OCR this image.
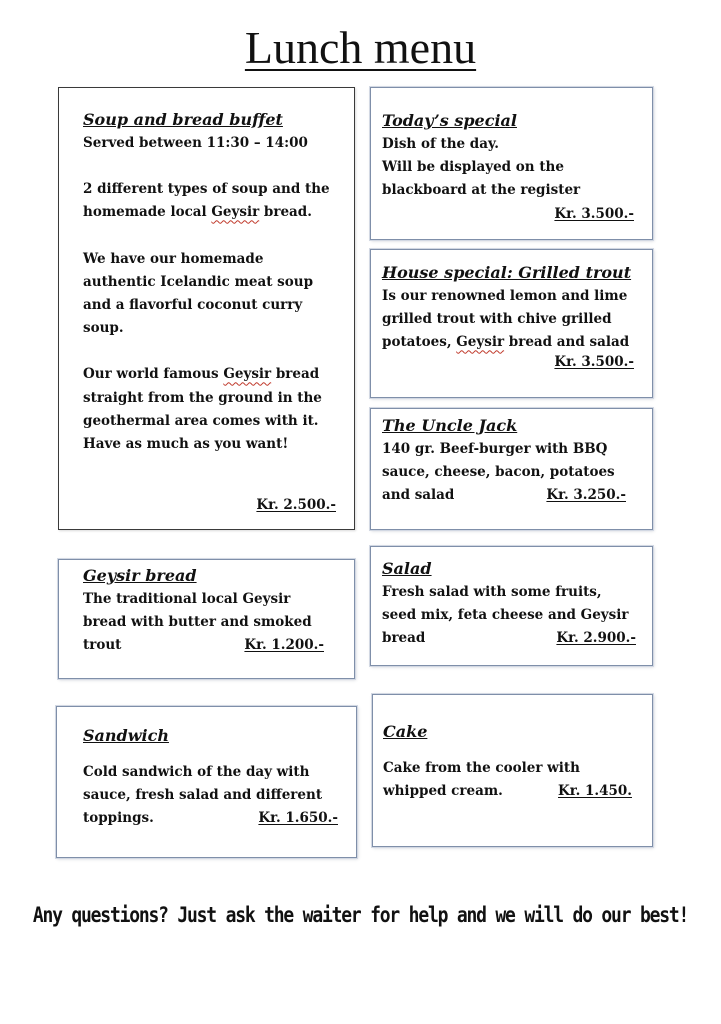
Lunch menu

Soup and bread buffet

Served between 11:30 – 14:00

2 different types of soup and the
homemade local Geysir bread.

We have our homemade authentic Icelandic meat soup and a flavorful coconut curry soup.

Our world famous Geysir bread straight from the ground in the geothermal area comes with it. Have as much as you want!

Kr. 2.500.-

Today’s special

Dish of the day.

Will be displayed on the

blackboard at the register

Kr. 3.500.-

House special: Grilled trout

Is our renowned lemon and lime

grilled trout with chive grilled

potatoes, Geysir bread and salad

Kr. 3.500.-

The Uncle Jack

140 gr. Beef-burger with BBQ

sauce, cheese, bacon, potatoes

and salad	Kr. 3.250.-

Geysir bread

The traditional local Geysir

bread with butter and smoked

trout	Kr. 1.200.-

Salad

Fresh salad with some fruits,

seed mix, feta cheese and Geysir

bread	Kr. 2.900.-

Sandwich

Cold sandwich of the day with

sauce, fresh salad and different

toppings.	Kr. 1.650.-

Cake

Cake from the cooler with

whipped cream.	Kr. 1.450.

Any questions? Just ask the waiter for help and we will do our best!
